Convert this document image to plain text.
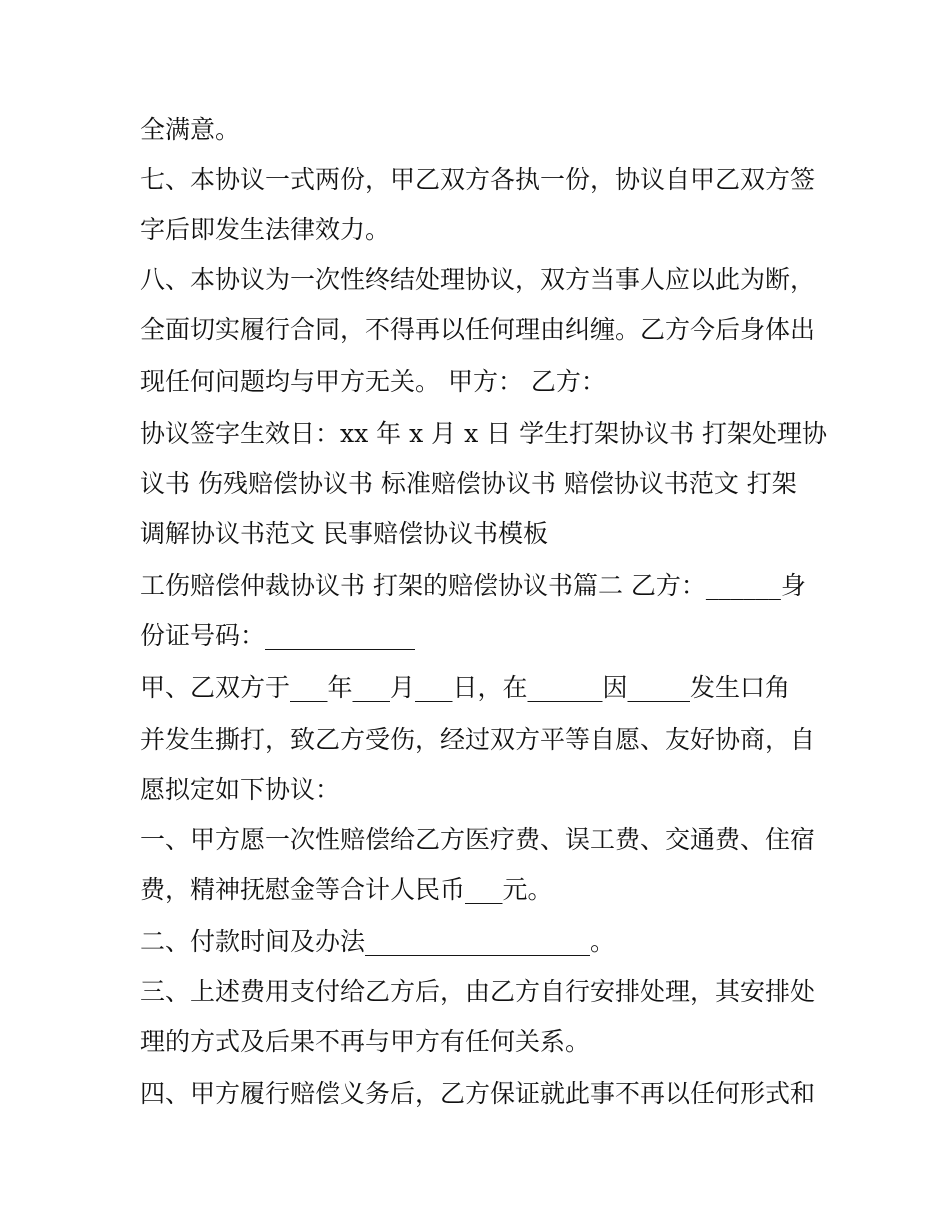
全满意。
七、本协议一式两份，甲乙双方各执一份，协议自甲乙双方签
字后即发生法律效力。
八、本协议为一次性终结处理协议，双方当事人应以此为断，
全面切实履行合同，不得再以任何理由纠缠。乙方今后身体出
现任何问题均与甲方无关。 甲方： 乙方：
协议签字生效日：xx 年 x 月 x 日 学生打架协议书 打架处理协
议书 伤残赔偿协议书 标准赔偿协议书 赔偿协议书范文 打架
调解协议书范文 民事赔偿协议书模板
工伤赔偿仲裁协议书 打架的赔偿协议书篇二 乙方：______身
份证号码：____________
甲、乙双方于___年___月___日，在______因_____发生口角
并发生撕打，致乙方受伤，经过双方平等自愿、友好协商，自
愿拟定如下协议：
一、甲方愿一次性赔偿给乙方医疗费、误工费、交通费、住宿
费，精神抚慰金等合计人民币___元。
二、付款时间及办法__________________。
三、上述费用支付给乙方后，由乙方自行安排处理，其安排处
理的方式及后果不再与甲方有任何关系。
四、甲方履行赔偿义务后，乙方保证就此事不再以任何形式和
